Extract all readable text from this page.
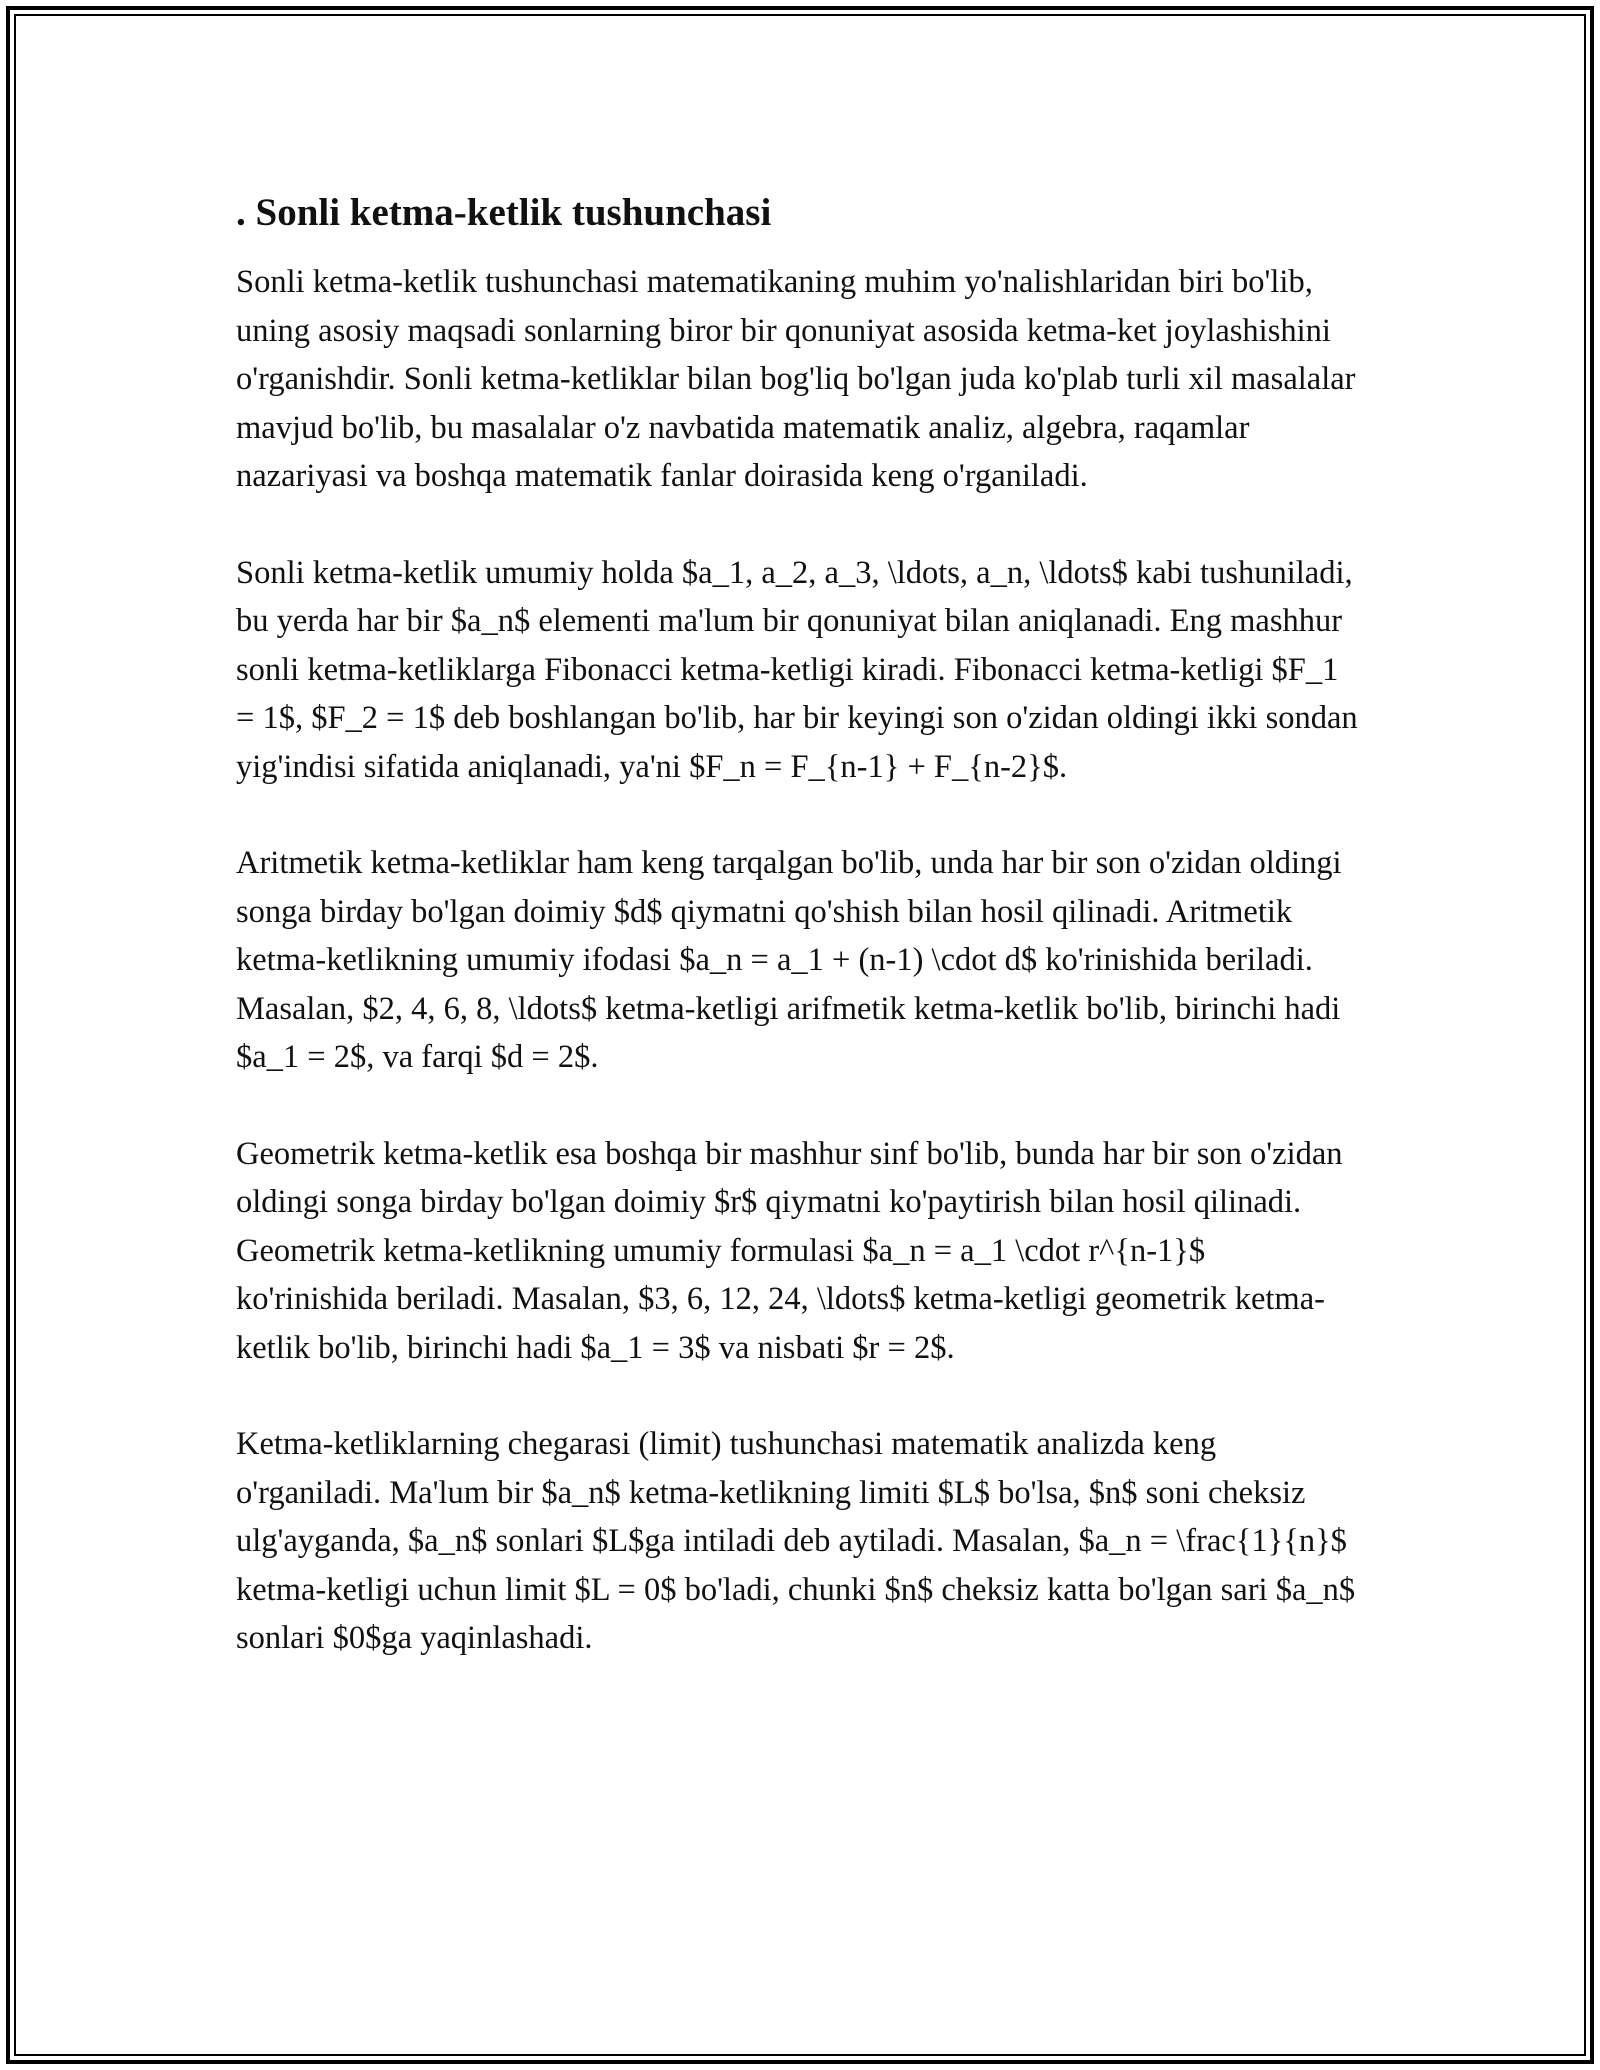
. Sonli ketma-ketlik tushunchasi

Sonli ketma-ketlik tushunchasi matematikaning muhim yo'nalishlaridan biri bo'lib, uning asosiy maqsadi sonlarning biror bir qonuniyat asosida ketma-ket joylashishini o'rganishdir. Sonli ketma-ketliklar bilan bog'liq bo'lgan juda ko'plab turli xil masalalar mavjud bo'lib, bu masalalar o'z navbatida matematik analiz, algebra, raqamlar nazariyasi va boshqa matematik fanlar doirasida keng o'rganiladi.

Sonli ketma-ketlik umumiy holda $a_1, a_2, a_3, \ldots, a_n, \ldots$ kabi tushuniladi, bu yerda har bir $a_n$ elementi ma'lum bir qonuniyat bilan aniqlanadi. Eng mashhur sonli ketma-ketliklarga Fibonacci ketma-ketligi kiradi. Fibonacci ketma-ketligi $F_1 = 1$, $F_2 = 1$ deb boshlangan bo'lib, har bir keyingi son o'zidan oldingi ikki sondan yig'indisi sifatida aniqlanadi, ya'ni $F_n = F_{n-1} + F_{n-2}$.

Aritmetik ketma-ketliklar ham keng tarqalgan bo'lib, unda har bir son o'zidan oldingi songa birday bo'lgan doimiy $d$ qiymatni qo'shish bilan hosil qilinadi. Aritmetik ketma-ketlikning umumiy ifodasi $a_n = a_1 + (n-1) \cdot d$ ko'rinishida beriladi. Masalan, $2, 4, 6, 8, \ldots$ ketma-ketligi arifmetik ketma-ketlik bo'lib, birinchi hadi $a_1 = 2$, va farqi $d = 2$.

Geometrik ketma-ketlik esa boshqa bir mashhur sinf bo'lib, bunda har bir son o'zidan oldingi songa birday bo'lgan doimiy $r$ qiymatni ko'paytirish bilan hosil qilinadi. Geometrik ketma-ketlikning umumiy formulasi $a_n = a_1 \cdot r^{n-1}$ ko'rinishida beriladi. Masalan, $3, 6, 12, 24, \ldots$ ketma-ketligi geometrik ketma-ketlik bo'lib, birinchi hadi $a_1 = 3$ va nisbati $r = 2$.

Ketma-ketliklarning chegarasi (limit) tushunchasi matematik analizda keng o'rganiladi. Ma'lum bir $a_n$ ketma-ketlikning limiti $L$ bo'lsa, $n$ soni cheksiz ulg'ayganda, $a_n$ sonlari $L$ga intiladi deb aytiladi. Masalan, $a_n = \frac{1}{n}$ ketma-ketligi uchun limit $L = 0$ bo'ladi, chunki $n$ cheksiz katta bo'lgan sari $a_n$ sonlari $0$ga yaqinlashadi.
